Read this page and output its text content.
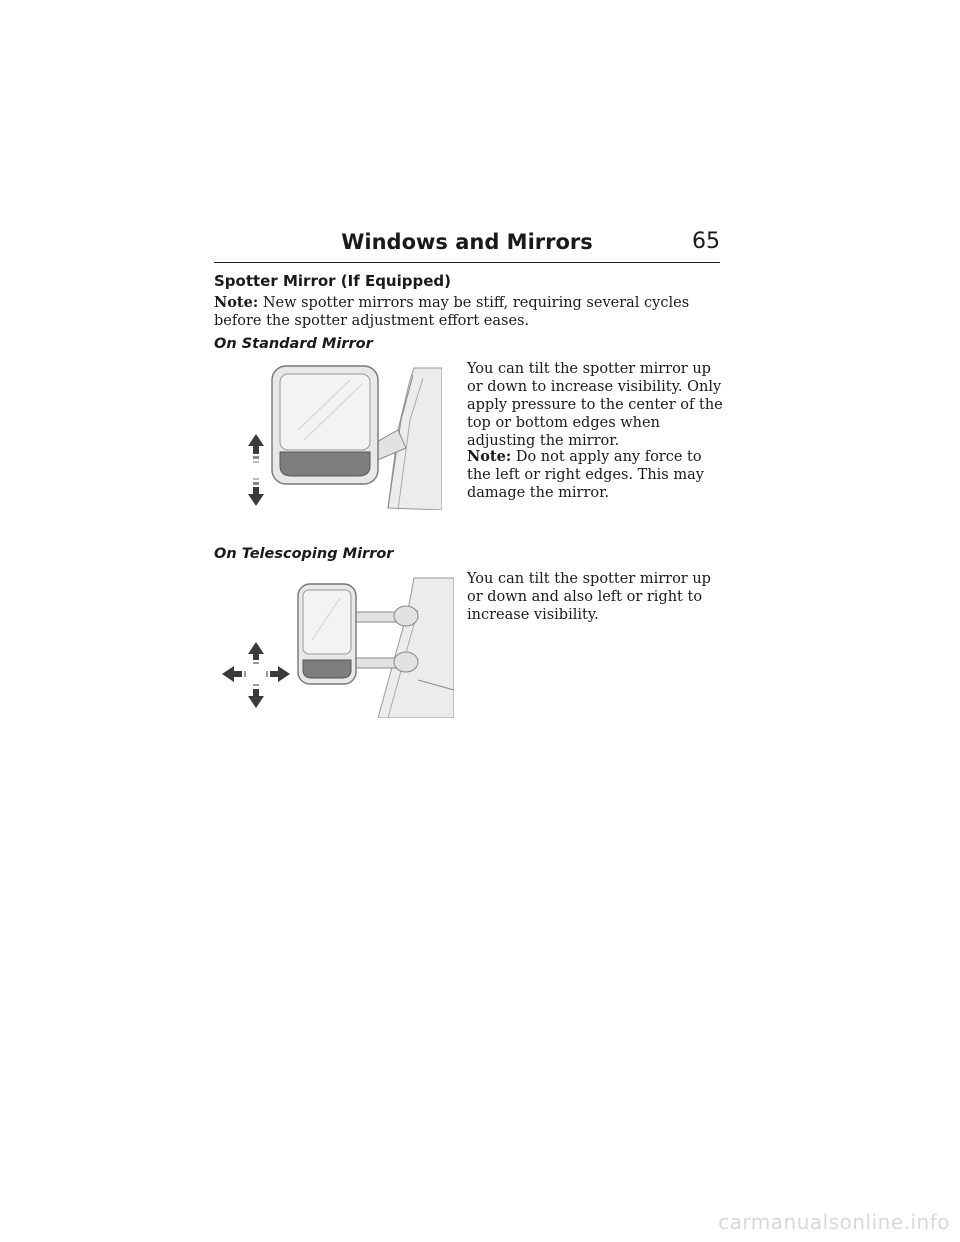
Windows and Mirrors	65
Spotter Mirror (If Equipped)

Note: New spotter mirrors may be stiff, requiring several cycles before the spotter adjustment effort eases.

On Standard Mirror

You can tilt the spotter mirror up or down to increase visibility. Only apply pressure to the center of the top or bottom edges when adjusting the mirror.

Note: Do not apply any force to the left or right edges. This may damage the mirror.

On Telescoping Mirror

You can tilt the spotter mirror up or down and also left or right to increase visibility.

carmanualsonline.info
